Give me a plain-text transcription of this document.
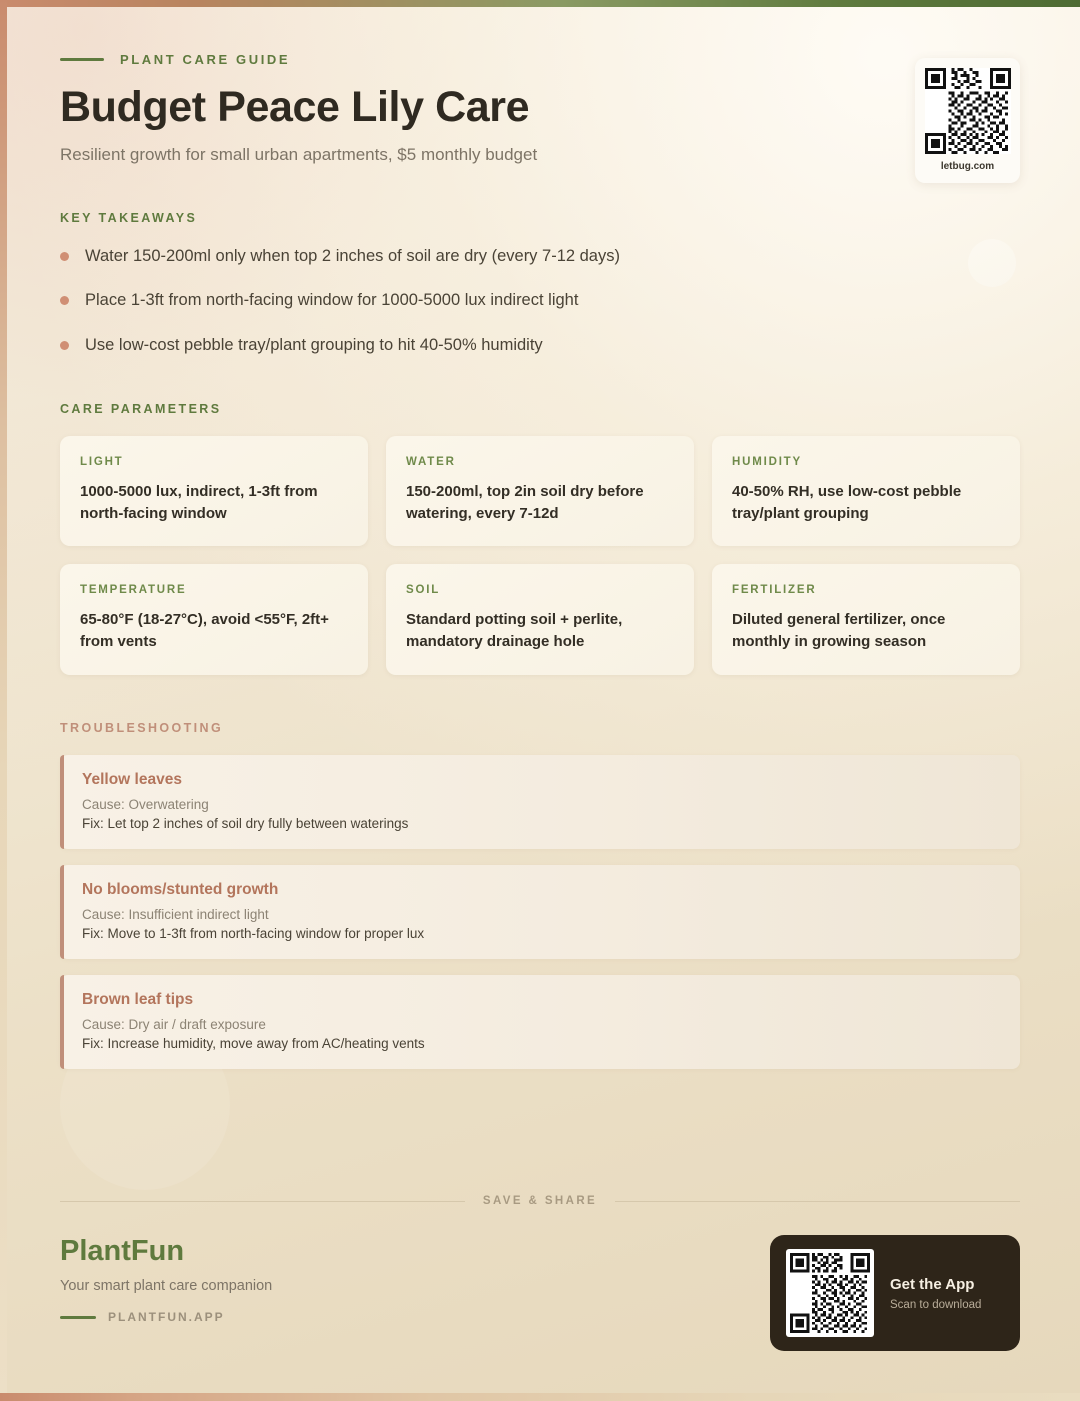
PLANT CARE GUIDE
Budget Peace Lily Care
Resilient growth for small urban apartments, $5 monthly budget
letbug.com
KEY TAKEAWAYS
Water 150-200ml only when top 2 inches of soil are dry (every 7-12 days)
Place 1-3ft from north-facing window for 1000-5000 lux indirect light
Use low-cost pebble tray/plant grouping to hit 40-50% humidity
CARE PARAMETERS
LIGHT
1000-5000 lux, indirect, 1-3ft from north-facing window
WATER
150-200ml, top 2in soil dry before watering, every 7-12d
HUMIDITY
40-50% RH, use low-cost pebble tray/plant grouping
TEMPERATURE
65-80°F (18-27°C), avoid <55°F, 2ft+ from vents
SOIL
Standard potting soil + perlite, mandatory drainage hole
FERTILIZER
Diluted general fertilizer, once monthly in growing season
TROUBLESHOOTING
Yellow leaves
Cause: Overwatering
Fix: Let top 2 inches of soil dry fully between waterings
No blooms/stunted growth
Cause: Insufficient indirect light
Fix: Move to 1-3ft from north-facing window for proper lux
Brown leaf tips
Cause: Dry air / draft exposure
Fix: Increase humidity, move away from AC/heating vents
SAVE & SHARE
PlantFun
Your smart plant care companion
PLANTFUN.APP
Get the App
Scan to download
